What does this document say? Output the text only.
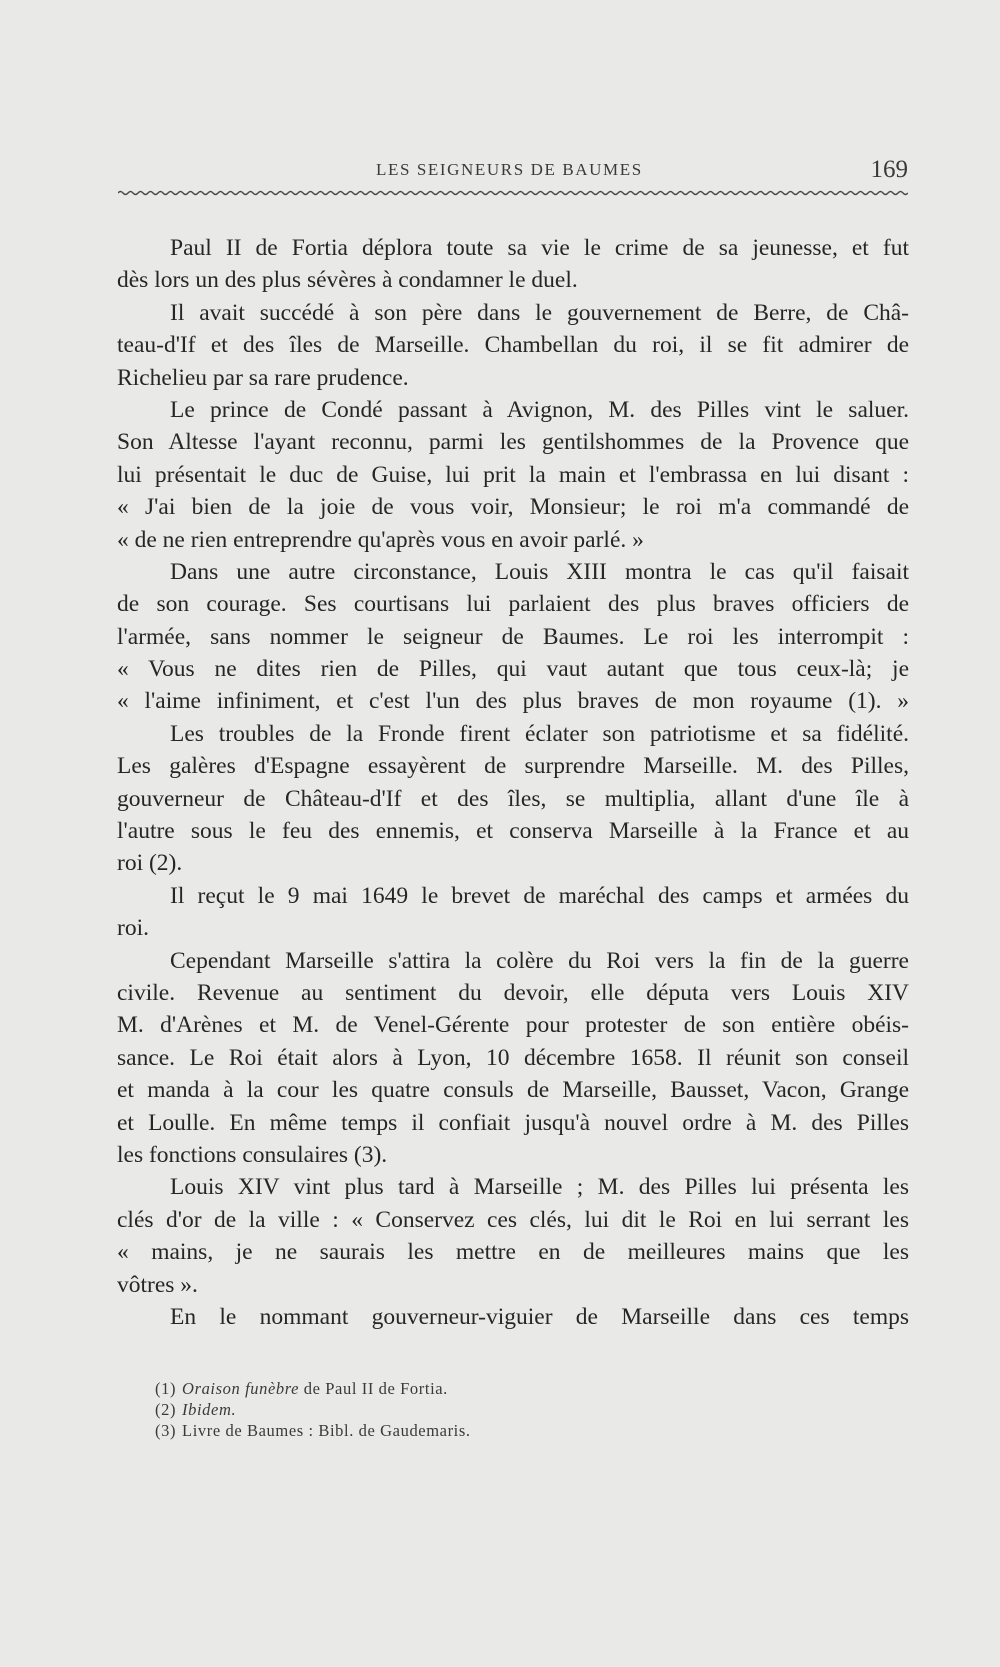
LES SEIGNEURS DE BAUMES	169
Paul II de Fortia déplora toute sa vie le crime de sa jeunesse, et fut
dès lors un des plus sévères à condamner le duel.
Il avait succédé à son père dans le gouvernement de Berre, de Châ-
teau-d'If et des îles de Marseille. Chambellan du roi, il se fit admirer de
Richelieu par sa rare prudence.
Le prince de Condé passant à Avignon, M. des Pilles vint le saluer.
Son Altesse l'ayant reconnu, parmi les gentilshommes de la Provence que
lui présentait le duc de Guise, lui prit la main et l'embrassa en lui disant :
« J'ai bien de la joie de vous voir, Monsieur; le roi m'a commandé de
« de ne rien entreprendre qu'après vous en avoir parlé. »
Dans une autre circonstance, Louis XIII montra le cas qu'il faisait
de son courage. Ses courtisans lui parlaient des plus braves officiers de
l'armée, sans nommer le seigneur de Baumes. Le roi les interrompit :
« Vous ne dites rien de Pilles, qui vaut autant que tous ceux-là; je
« l'aime infiniment, et c'est l'un des plus braves de mon royaume (1). »
Les troubles de la Fronde firent éclater son patriotisme et sa fidélité.
Les galères d'Espagne essayèrent de surprendre Marseille. M. des Pilles,
gouverneur de Château-d'If et des îles, se multiplia, allant d'une île à
l'autre sous le feu des ennemis, et conserva Marseille à la France et au
roi (2).
Il reçut le 9 mai 1649 le brevet de maréchal des camps et armées du
roi.
Cependant Marseille s'attira la colère du Roi vers la fin de la guerre
civile. Revenue au sentiment du devoir, elle députa vers Louis XIV
M. d'Arènes et M. de Venel-Gérente pour protester de son entière obéis-
sance. Le Roi était alors à Lyon, 10 décembre 1658. Il réunit son conseil
et manda à la cour les quatre consuls de Marseille, Bausset, Vacon, Grange
et Loulle. En même temps il confiait jusqu'à nouvel ordre à M. des Pilles
les fonctions consulaires (3).
Louis XIV vint plus tard à Marseille ; M. des Pilles lui présenta les
clés d'or de la ville : « Conservez ces clés, lui dit le Roi en lui serrant les
« mains, je ne saurais les mettre en de meilleures mains que les
vôtres ».
En le nommant gouverneur-viguier de Marseille dans ces temps
(1) Oraison funèbre de Paul II de Fortia.
(2) Ibidem.
(3) Livre de Baumes : Bibl. de Gaudemaris.
